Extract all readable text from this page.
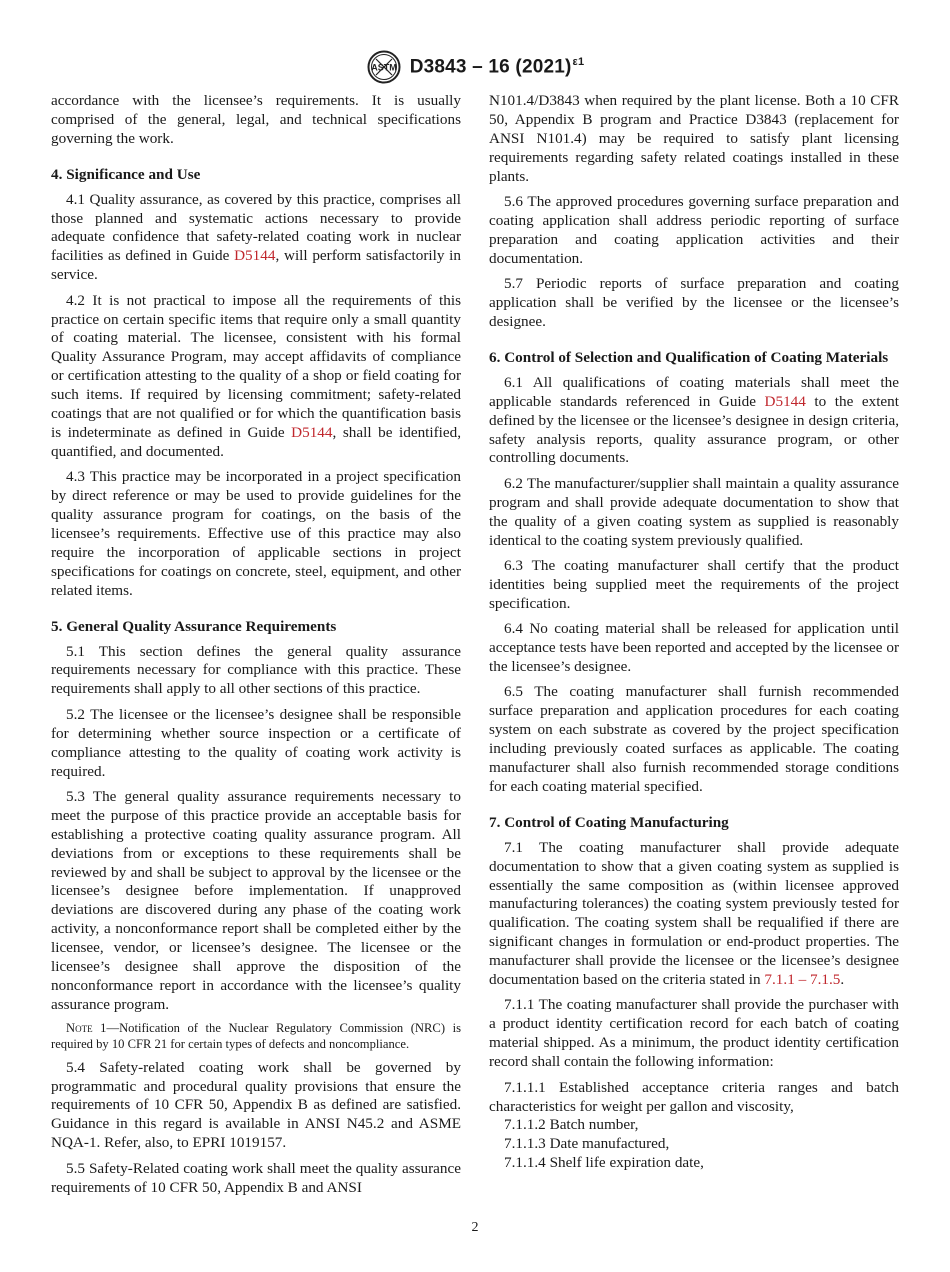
ASTM D3843 – 16 $(2021)^{\varepsilon 1}$

accordance with the licensee’s requirements. It is usually comprised of the general, legal, and technical specifications governing the work.

4. Significance and Use

4.1 Quality assurance, as covered by this practice, comprises all those planned and systematic actions necessary to provide adequate confidence that safety-related coating work in nuclear facilities as defined in Guide D5144, will perform satisfactorily in service.

4.2 It is not practical to impose all the requirements of this practice on certain specific items that require only a small quantity of coating material. The licensee, consistent with his formal Quality Assurance Program, may accept affidavits of compliance or certification attesting to the quality of a shop or field coating for such items. If required by licensing commitment; safety-related coatings that are not qualified or for which the quantification basis is indeterminate as defined in Guide D5144, shall be identified, quantified, and documented.

4.3 This practice may be incorporated in a project specification by direct reference or may be used to provide guidelines for the quality assurance program for coatings, on the basis of the licensee’s requirements. Effective use of this practice may also require the incorporation of applicable sections in project specifications for coatings on concrete, steel, equipment, and other related items.

5. General Quality Assurance Requirements

5.1 This section defines the general quality assurance requirements necessary for compliance with this practice. These requirements shall apply to all other sections of this practice.

5.2 The licensee or the licensee’s designee shall be responsible for determining whether source inspection or a certificate of compliance attesting to the quality of coating work activity is required.

5.3 The general quality assurance requirements necessary to meet the purpose of this practice provide an acceptable basis for establishing a protective coating quality assurance program. All deviations from or exceptions to these requirements shall be reviewed by and shall be subject to approval by the licensee or the licensee’s designee before implementation. If unapproved deviations are discovered during any phase of the coating work activity, a nonconformance report shall be completed either by the licensee, vendor, or licensee’s designee. The licensee or the licensee’s designee shall approve the disposition of the nonconformance report in accordance with the licensee’s quality assurance program.

Note 1—Notification of the Nuclear Regulatory Commission (NRC) is required by 10 CFR 21 for certain types of defects and noncompliance.

5.4 Safety-related coating work shall be governed by programmatic and procedural quality provisions that ensure the requirements of 10 CFR 50, Appendix B as defined are satisfied. Guidance in this regard is available in ANSI N45.2 and ASME NQA-1. Refer, also, to EPRI 1019157.

5.5 Safety-Related coating work shall meet the quality assurance requirements of 10 CFR 50, Appendix B and ANSI

N101.4/D3843 when required by the plant license. Both a 10 CFR 50, Appendix B program and Practice D3843 (replacement for ANSI N101.4) may be required to satisfy plant licensing requirements regarding safety related coatings installed in these plants.

5.6 The approved procedures governing surface preparation and coating application shall address periodic reporting of surface preparation and coating application activities and their documentation.

5.7 Periodic reports of surface preparation and coating application shall be verified by the licensee or the licensee’s designee.

6. Control of Selection and Qualification of Coating Materials

6.1 All qualifications of coating materials shall meet the applicable standards referenced in Guide D5144 to the extent defined by the licensee or the licensee’s designee in design criteria, safety analysis reports, quality assurance program, or other controlling documents.

6.2 The manufacturer/supplier shall maintain a quality assurance program and shall provide adequate documentation to show that the quality of a given coating system as supplied is reasonably identical to the coating system previously qualified.

6.3 The coating manufacturer shall certify that the product identities being supplied meet the requirements of the project specification.

6.4 No coating material shall be released for application until acceptance tests have been reported and accepted by the licensee or the licensee’s designee.

6.5 The coating manufacturer shall furnish recommended surface preparation and application procedures for each coating system on each substrate as covered by the project specification including previously coated surfaces as applicable. The coating manufacturer shall also furnish recommended storage conditions for each coating material specified.

7. Control of Coating Manufacturing

7.1 The coating manufacturer shall provide adequate documentation to show that a given coating system as supplied is essentially the same composition as (within licensee approved manufacturing tolerances) the coating system previously tested for qualification. The coating system shall be requalified if there are significant changes in formulation or end-product properties. The manufacturer shall provide the licensee or the licensee’s designee documentation based on the criteria stated in 7.1.1 – 7.1.5.

7.1.1 The coating manufacturer shall provide the purchaser with a product identity certification record for each batch of coating material shipped. As a minimum, the product identity certification record shall contain the following information:

7.1.1.1 Established acceptance criteria ranges and batch characteristics for weight per gallon and viscosity,

7.1.1.2 Batch number,

7.1.1.3 Date manufactured,

7.1.1.4 Shelf life expiration date,

2
